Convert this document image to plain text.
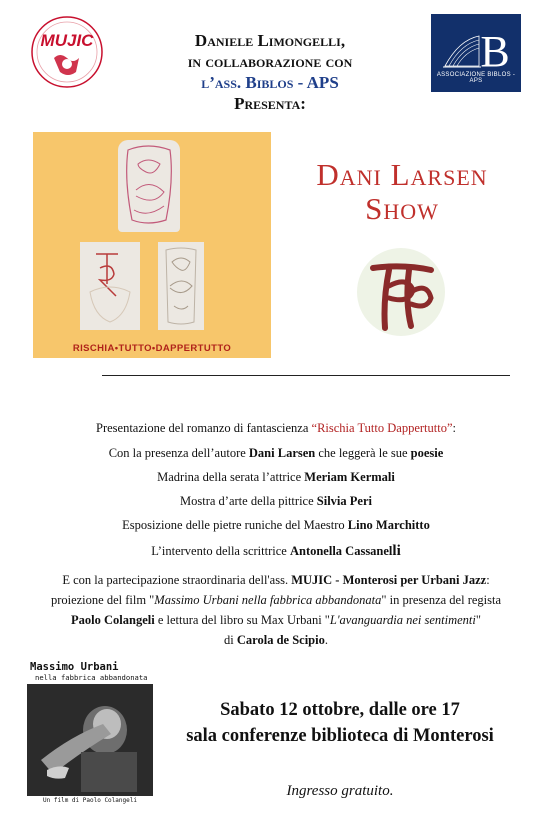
MUJIC	Daniele Limongelli,
in collaborazione con
l’ass. Biblos - APS
Presenta:
B
ASSOCIAZIONE BIBLOS - APS
RISCHIA•TUTTO•DAPPERTUTTO
Dani Larsen
Show
Presentazione del romanzo di fantascienza “Rischia Tutto Dappertutto”:
Con la presenza dell’autore Dani Larsen che leggerà le sue poesie
Madrina della serata l’attrice Meriam Kermali
Mostra d’arte della pittrice Silvia Peri
Esposizione delle pietre runiche del Maestro Lino Marchitto
L’intervento della scrittrice Antonella Cassanelli
E con la partecipazione straordinaria dell'ass. MUJIC - Monterosi per Urbani Jazz:
proiezione del film "Massimo Urbani nella fabbrica abbandonata" in presenza del regista
Paolo Colangeli e lettura del libro su Max Urbani "L'avanguardia nei sentimenti"
di Carola de Scipio.
Massimo Urbani
nella fabbrica abbandonata
Un film di Paolo Colangeli
Sabato 12 ottobre, dalle ore 17
sala conferenze biblioteca di Monterosi
Ingresso gratuito.
